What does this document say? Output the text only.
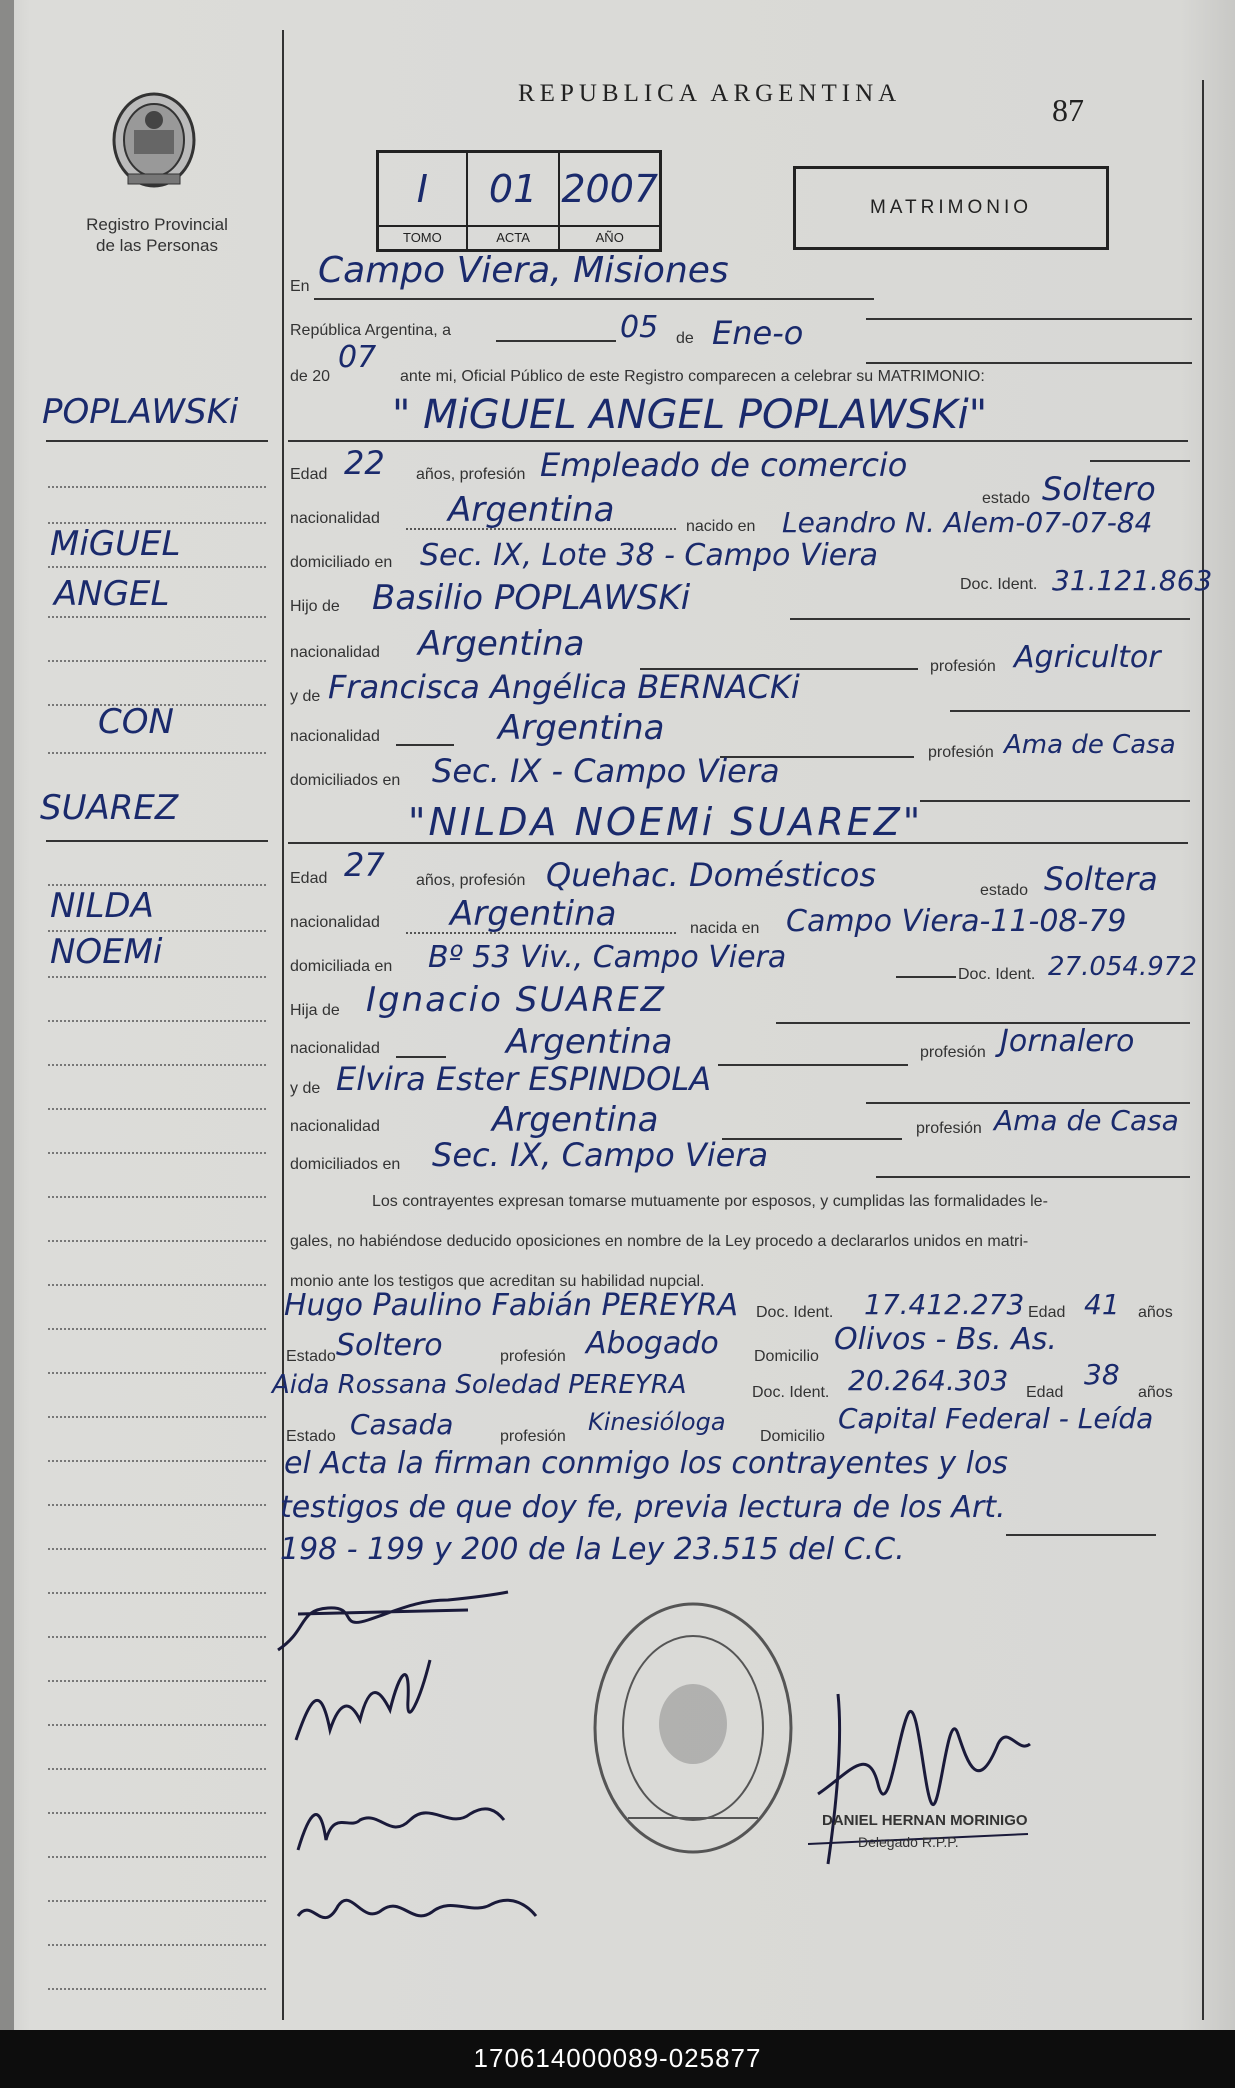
Registro Provincial
de las Personas
REPUBLICA ARGENTINA	87
I
TOMO
01
ACTA
2007
AÑO
MATRIMONIO
POPLAWSKi
MiGUEL
ANGEL
CON
SUAREZ
NILDA
NOEMi
En Campo Viera, Misiones
República Argentina, a	05 de Ene-o
de 20
07
ante mi, Oficial Público de este Registro comparecen a celebrar su MATRIMONIO:
" MiGUEL ANGEL POPLAWSKi"
Edad 22 años, profesión Empleado de comercio
estado Soltero
nacionalidad Argentina	nacido en Leandro N. Alem-07-07-84
domiciliado en Sec. IX, Lote 38 - Campo Viera
Doc. Ident. 31.121.863
Hijo de Basilio POPLAWSKi
nacionalidad Argentina
profesión Agricultor
y de Francisca Angélica BERNACKi
nacionalidad	Argentina
profesión Ama de Casa
domiciliados en Sec. IX - Campo Viera
"NILDA NOEMi SUAREZ"
Edad 27 años, profesión Quehac. Domésticos	estado Soltera
nacionalidad Argentina	nacida en Campo Viera-11-08-79
domiciliada en Bº 53 Viv., Campo Viera	Doc. Ident. 27.054.972
Hija de Ignacio SUAREZ
nacionalidad	Argentina	profesión Jornalero
y de Elvira Ester ESPINDOLA
nacionalidad	Argentina	profesión Ama de Casa
domiciliados en Sec. IX, Campo Viera
Los contrayentes expresan tomarse mutuamente por esposos, y cumplidas las formalidades le-
gales, no habiéndose deducido oposiciones en nombre de la Ley procedo a declararlos unidos en matri-
monio ante los testigos que acreditan su habilidad nupcial.
Hugo Paulino Fabián PEREYRA Doc. Ident. 17.412.273 Edad 41 años
Estado Soltero	profesión Abogado Domicilio Olivos - Bs. As.
Aida Rossana Soledad PEREYRA	Doc. Ident. 20.264.303 Edad
38
años
Estado Casada	profesión
Kinesióloga
Domicilio
Capital Federal - Leída
el Acta la firman conmigo los contrayentes y los
testigos de que doy fe, previa lectura de los Art.
198 - 199 y 200 de la Ley 23.515 del C.C.
DANIEL HERNAN MORINIGO
Delegado R.P.P.
170614000089-025877
